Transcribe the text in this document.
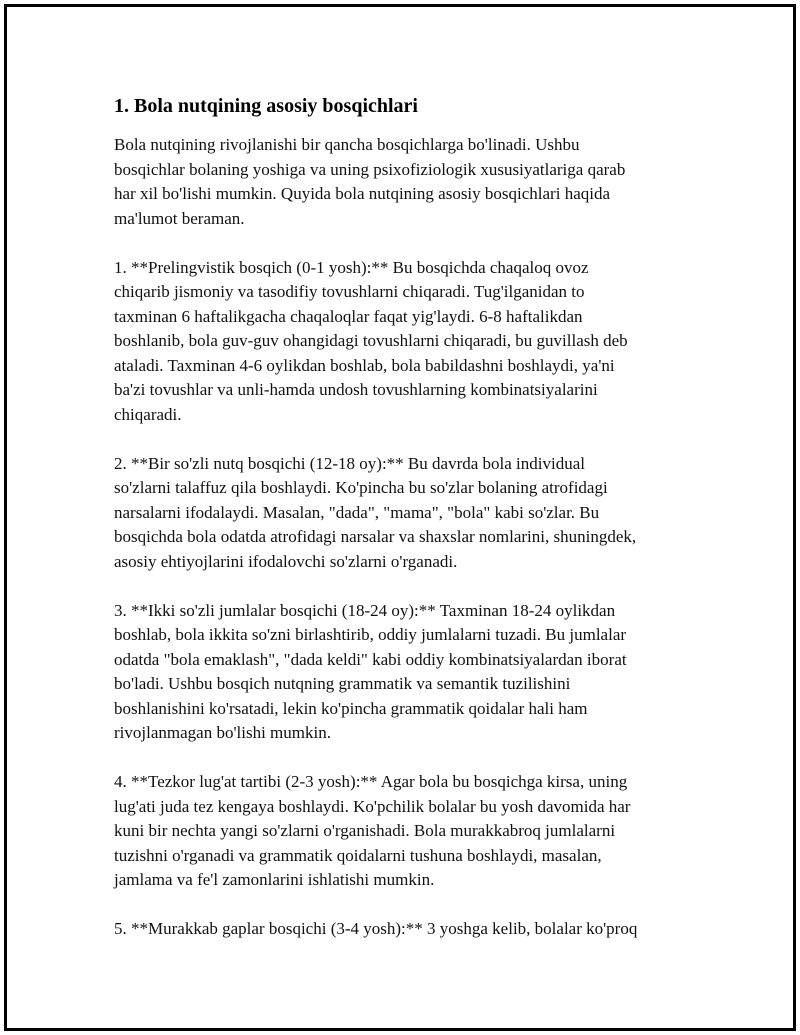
1. Bola nutqining asosiy bosqichlari

Bola nutqining rivojlanishi bir qancha bosqichlarga bo'linadi. Ushbu
bosqichlar bolaning yoshiga va uning psixofiziologik xususiyatlariga qarab
har xil bo'lishi mumkin. Quyida bola nutqining asosiy bosqichlari haqida
ma'lumot beraman.

1. **Prelingvistik bosqich (0-1 yosh):** Bu bosqichda chaqaloq ovoz
chiqarib jismoniy va tasodifiy tovushlarni chiqaradi. Tug'ilganidan to
taxminan 6 haftalikgacha chaqaloqlar faqat yig'laydi. 6-8 haftalikdan
boshlanib, bola guv-guv ohangidagi tovushlarni chiqaradi, bu guvillash deb
ataladi. Taxminan 4-6 oylikdan boshlab, bola babildashni boshlaydi, ya'ni
ba'zi tovushlar va unli-hamda undosh tovushlarning kombinatsiyalarini
chiqaradi.

2. **Bir so'zli nutq bosqichi (12-18 oy):** Bu davrda bola individual
so'zlarni talaffuz qila boshlaydi. Ko'pincha bu so'zlar bolaning atrofidagi
narsalarni ifodalaydi. Masalan, "dada", "mama", "bola" kabi so'zlar. Bu
bosqichda bola odatda atrofidagi narsalar va shaxslar nomlarini, shuningdek,
asosiy ehtiyojlarini ifodalovchi so'zlarni o'rganadi.

3. **Ikki so'zli jumlalar bosqichi (18-24 oy):** Taxminan 18-24 oylikdan
boshlab, bola ikkita so'zni birlashtirib, oddiy jumlalarni tuzadi. Bu jumlalar
odatda "bola emaklash", "dada keldi" kabi oddiy kombinatsiyalardan iborat
bo'ladi. Ushbu bosqich nutqning grammatik va semantik tuzilishini
boshlanishini ko'rsatadi, lekin ko'pincha grammatik qoidalar hali ham
rivojlanmagan bo'lishi mumkin.

4. **Tezkor lug'at tartibi (2-3 yosh):** Agar bola bu bosqichga kirsa, uning
lug'ati juda tez kengaya boshlaydi. Ko'pchilik bolalar bu yosh davomida har
kuni bir nechta yangi so'zlarni o'rganishadi. Bola murakkabroq jumlalarni
tuzishni o'rganadi va grammatik qoidalarni tushuna boshlaydi, masalan,
jamlama va fe'l zamonlarini ishlatishi mumkin.

5. **Murakkab gaplar bosqichi (3-4 yosh):** 3 yoshga kelib, bolalar ko'proq
